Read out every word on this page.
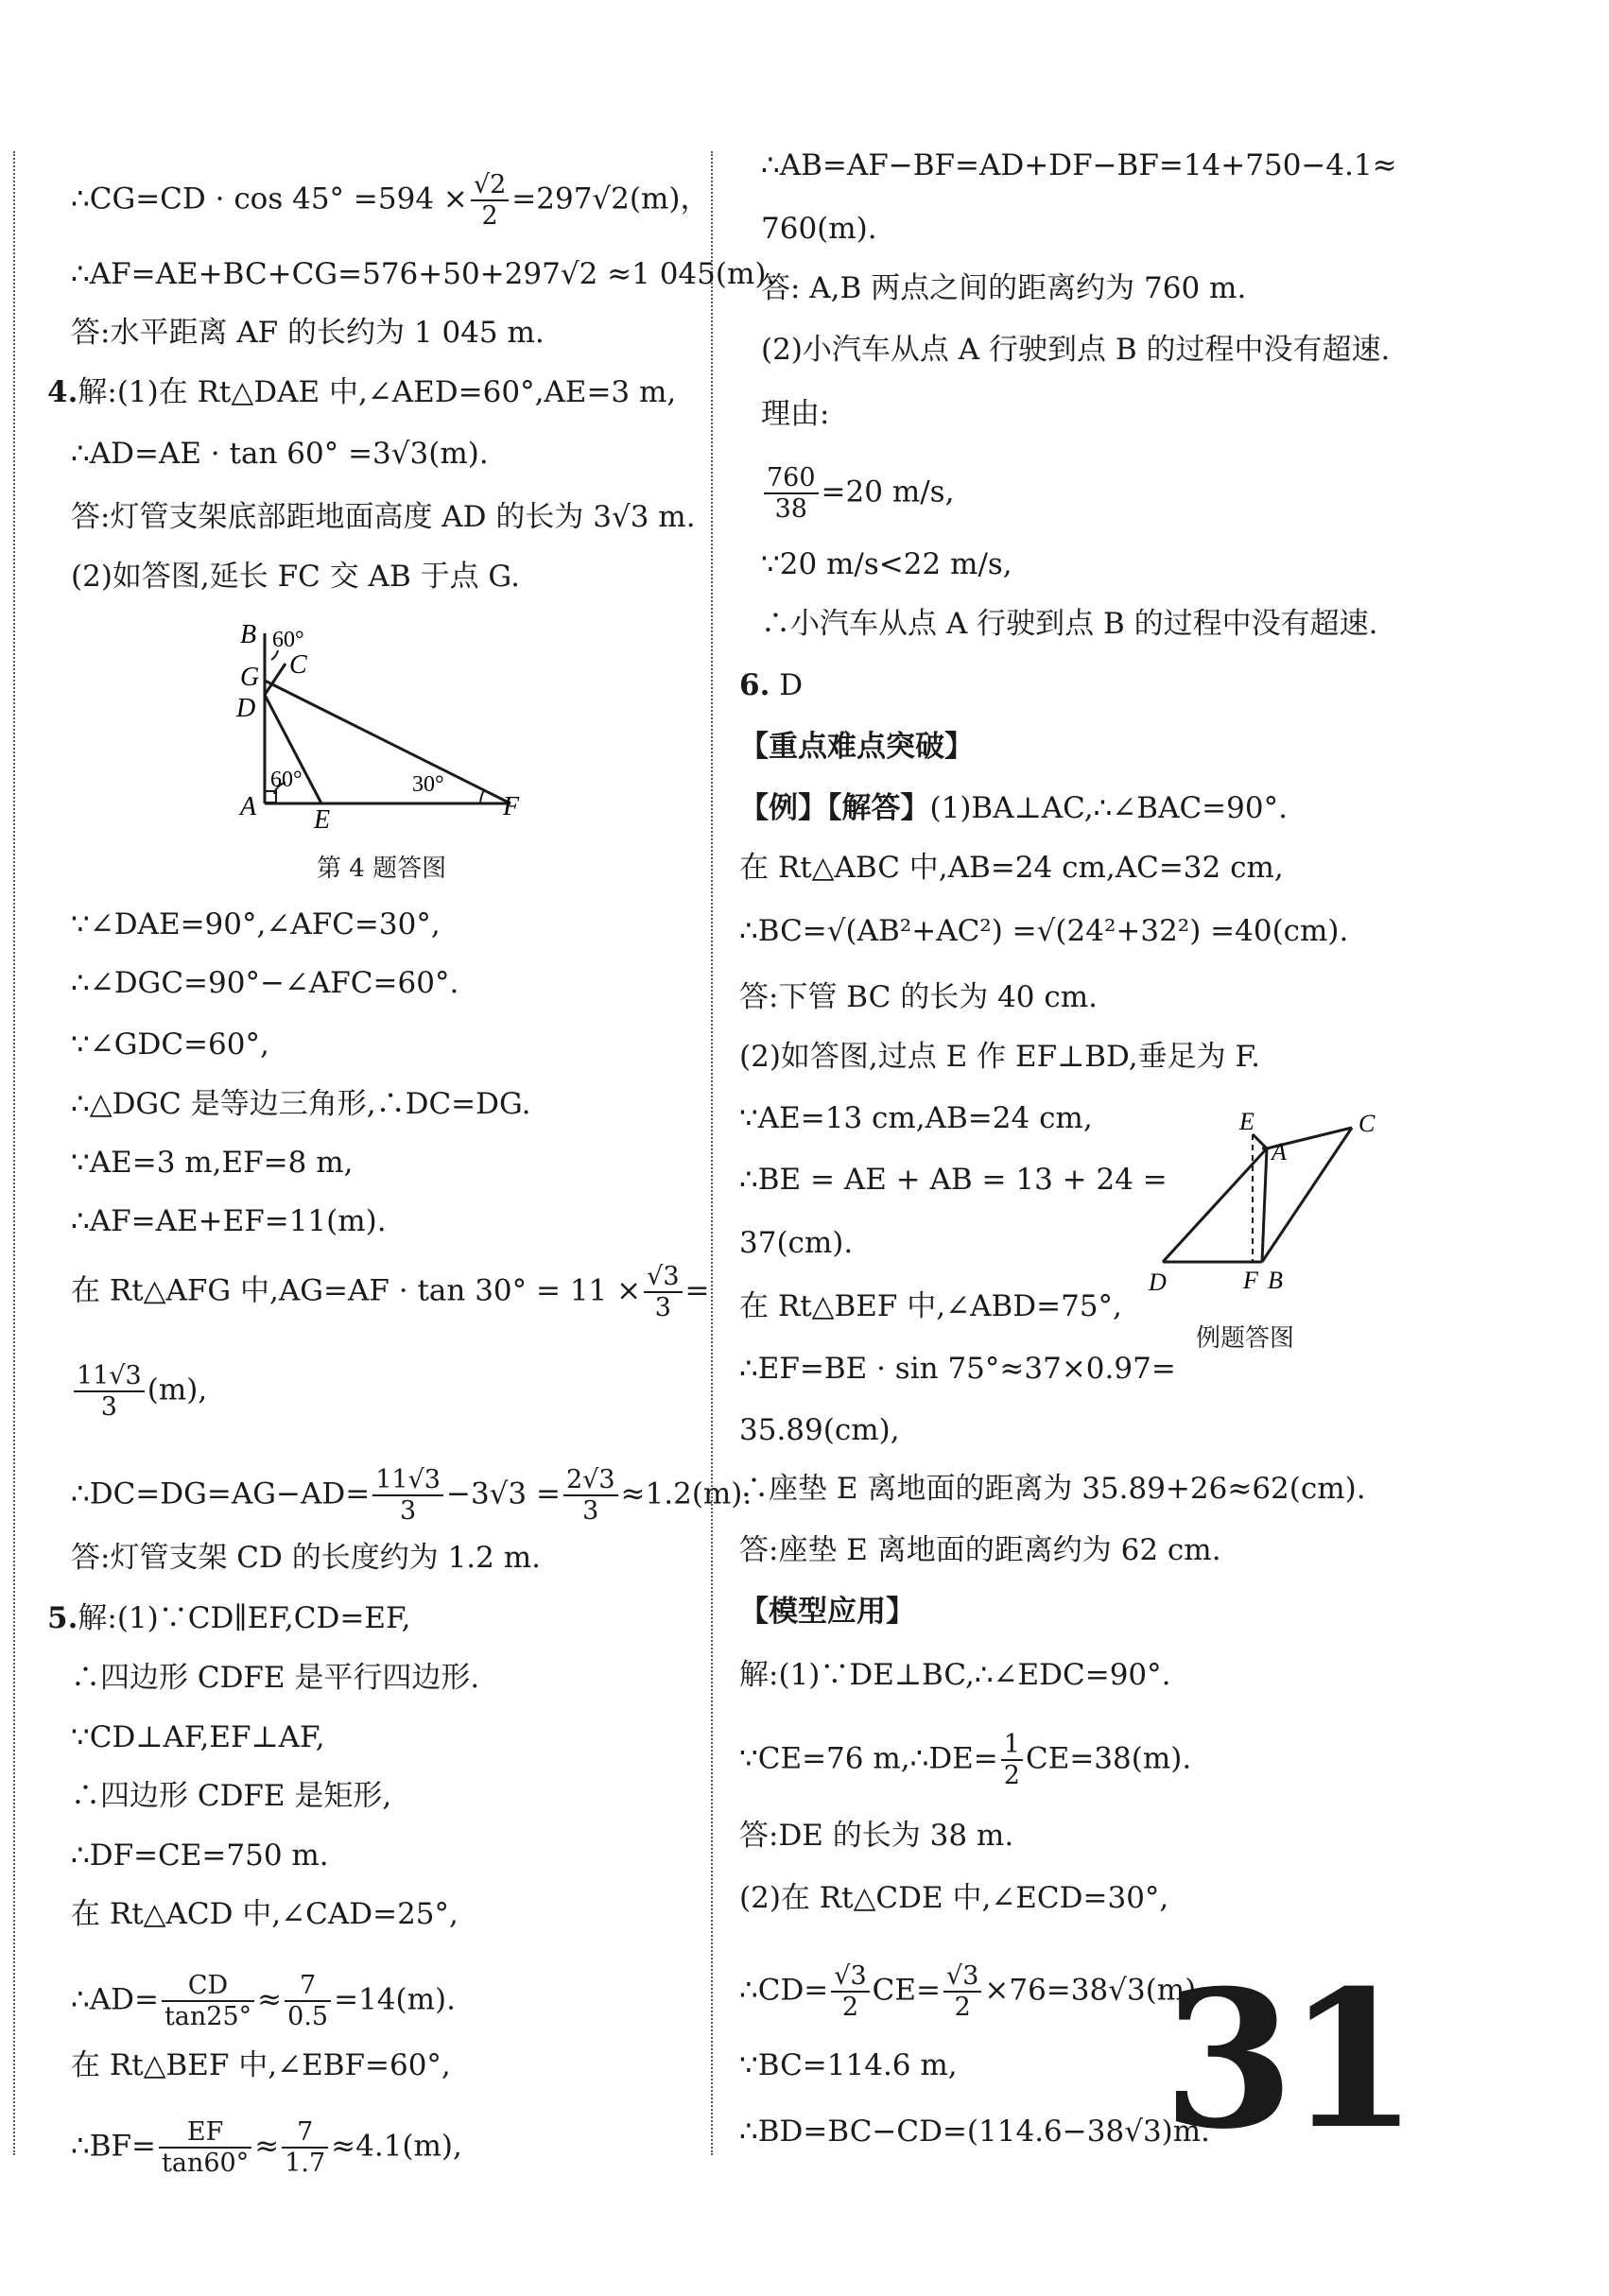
∴CG=CD · $\cos 45^\circ =594 \times \frac{√2}{2} =297√2(m)$，
∴AF=AE+BC+CG=576+50+297√2 ≈1 045(m).
答:水平距离 AF 的长约为 1 045 m.
4.解:(1)在 Rt△DAE 中,∠AED=60°,AE=3 m,
∴AD=AE · tan 60° =3√3(m).
答:灯管支架底部距地面高度 AD 的长为 3√3 m.
(2)如答图,延长 FC 交 AB 于点 G.
B
G
D
C
A E	F
60°
60°	30°
第 4 题答图
∵∠DAE=90°,∠AFC=30°,
∴∠DGC=90°−∠AFC=60°.
∵∠GDC=60°,
∴△DGC 是等边三角形,∴DC=DG.
∵AE=3 m,EF=8 m,
∴AF=AE+EF=11(m).
在 Rt△AFG 中$,AG=AF \cdot \tan 30^\circ = 11 \times \frac{√3}{3}$ =
$\frac{11√3}{3} (m)$,
∴DC=DG=AG−AD= $\frac{11√3}{3} -3√3 = \frac{2√3}{3} \approx 1.2(m)$.
答:灯管支架 CD 的长度约为 1.2 m.
5.解:(1)∵CD∥EF,CD=EF,
∴四边形 CDFE 是平行四边形.
∵CD⊥AF,EF⊥AF,
∴四边形 CDFE 是矩形,
∴DF=CE=750 m.
在 Rt△ACD 中,∠CAD=25°,
∴AD= $\frac{CD}{\tan 25^\circ} \approx \frac{7}{0.5} =14(m)$.
在 Rt△BEF 中,∠EBF=60°,
∴BF= $\frac{EF}{\tan 60^\circ} \approx \frac{7}{1.7} \approx 4.1(m)$,
∴AB=AF−BF=AD+DF−BF=14+750−4.1≈
760(m).
答: A,B 两点之间的距离约为 760 m.
(2)小汽车从点 A 行驶到点 B 的过程中没有超速.
理由:
$\frac{760}{38} =20$ m/s,
∵20 m/s<22 m/s,
∴小汽车从点 A 行驶到点 B 的过程中没有超速.
6. D
【重点难点突破】
【例】【解答】(1)BA⊥AC,∴∠BAC=90°.
在 Rt△ABC 中,AB=24 cm,AC=32 cm,
∴BC=√(AB²+AC²) =√(24²+32²) =40(cm).
答:下管 BC 的长为 40 cm.
(2)如答图,过点 E 作 EF⊥BD,垂足为 F.
∵AE=13 cm,AB=24 cm,
∴BE = AE + AB = 13 + 24 =
37(cm).
在 Rt△BEF 中,∠ABD=75°,
∴EF=BE · sin 75°≈37×0.97=
35.89(cm),
E
A
C
D	F B
例题答图
∴座垫 E 离地面的距离为 35.89+26≈62(cm).
答:座垫 E 离地面的距离约为 62 cm.
【模型应用】
解:(1)∵DE⊥BC,∴∠EDC=90°.
∵CE=76 m,∴DE= $\frac{1}{2} CE=38(m)$.
答:DE 的长为 38 m.
(2)在 Rt△CDE 中,∠ECD=30°,
∴CD= $\frac{√3}{2} CE= \frac{√3}{2} \times 76=38√3(m)$.
∵BC=114.6 m,
∴BD=BC−CD=(114.6−38√3)m.
31
